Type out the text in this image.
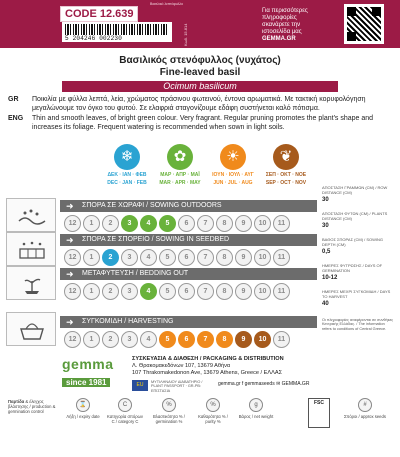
CODE 12.639
Βασιλικό λεπτόφυλλο
5 204246 002230	Κωδ. 15.814
Για περισσότερες
πληροφορίες
σκανάρετε την
ιστοσελίδα μας
GEMMA.GR
Βασιλικός στενόφυλλος (νυχάτος)
Fine-leaved basil
Ocimum basilicum
GR	Ποικιλία με φύλλα λεπτά, λεία, χρώματος πράσινου φωτεινού, έντονα αρωματικά. Με τακτική κορυφολόγηση μεγαλώνουμε τον όγκο του φυτού. Σε ελαφριά σταγονίζουμε εδάφη συστήνεται καλό πότισμα.
ENG	Thin and smooth leaves, of bright green colour. Very fragrant. Regular pruning promotes the plant's shape and increases its foliage. Frequent watering is recommended when sown in light soils.
❄
ΔΕΚ · ΙΑΝ · ΦΕΒ
DEC · JAN · FEB
✿
ΜΑΡ · ΑΠΡ · ΜΑΪ
MAR · APR · MAY
☀
ΙΟΥΝ · ΙΟΥΛ · ΑΥΓ
JUN · JUL · AUG
❦
ΣΕΠ · ΟΚΤ · ΝΟΕ
SEP · OCT · NOV
➜ ΣΠΟΡΑ ΣΕ ΧΩΡΑΦΙ / SOWING OUTDOORS
12	1	2	3	4	5	6	7	8	9	10	11
➜ ΣΠΟΡΑ ΣΕ ΣΠΟΡΕΙΟ / SOWING IN SEEDBED
12	1	2	3	4	5	6	7	8	9	10	11
➜ ΜΕΤΑΦΥΤΕΥΣΗ / BEDDING OUT
12	1	2	3	4	5	6	7	8	9	10	11
➜ ΣΥΓΚΟΜΙΔΗ / HARVESTING
12	1	2	3	4	5	6	7	8	9	10	11
ΑΠΟΣΤΑΣΗ ΓΡΑΜΜΩΝ (CM) / ROW DISTANCE (CM)
30
ΑΠΟΣΤΑΣΗ ΦΥΤΩΝ (CM) / PLANTS DISTANCE (CM)
30
ΒΑΘΟΣ ΣΠΟΡΑΣ (CM) / SOWING DEPTH (CM)
0,5
ΗΜΕΡΕΣ ΦΥΤΡΩΣΗΣ / DAYS OF GERMINATION
10-12
ΗΜΕΡΕΣ ΜΕΧΡΙ ΣΥΓΚΟΜΙΔΗ / DAYS TO HARVEST
40
Οι πληροφορίες αναφέρονται σε συνθήκες Κεντρικής Ελλάδας. / The information refers to conditions of Central Greece.
gemma
since 1981
ΣΥΣΚΕΥΑΣΙΑ & ΔΙΑΘΕΣΗ / PACKAGING & DISTRIBUTION
Λ. Θρακομακεδόνων 107, 13679 Αθήνα
107 Thrakomakedonon Ave, 13679 Athens, Greece / ΕΛΛΑΣ
EU	ΜΥΤΙΛΗΝΑΙΟΥ ΔΙΑΒΑΤΗΡΙΟ / PLANT PASSPORT · GR-PB: ΕΠΙΣΤΑΣΙΑ
gemma.gr f gemmaseeds ✉ GEMMA.GR
Παρτίδα & έλεγχος βλάστησης / production & germination control
⌛
Λήξη / expiry date
C
Κατηγορία σπόρων C / category C
%
Βλαστικότητα % / germination %
%
Καθαρότητα % / purity %
g
Βάρος / net weight
#
Σπόροι / approx seeds
FSC
